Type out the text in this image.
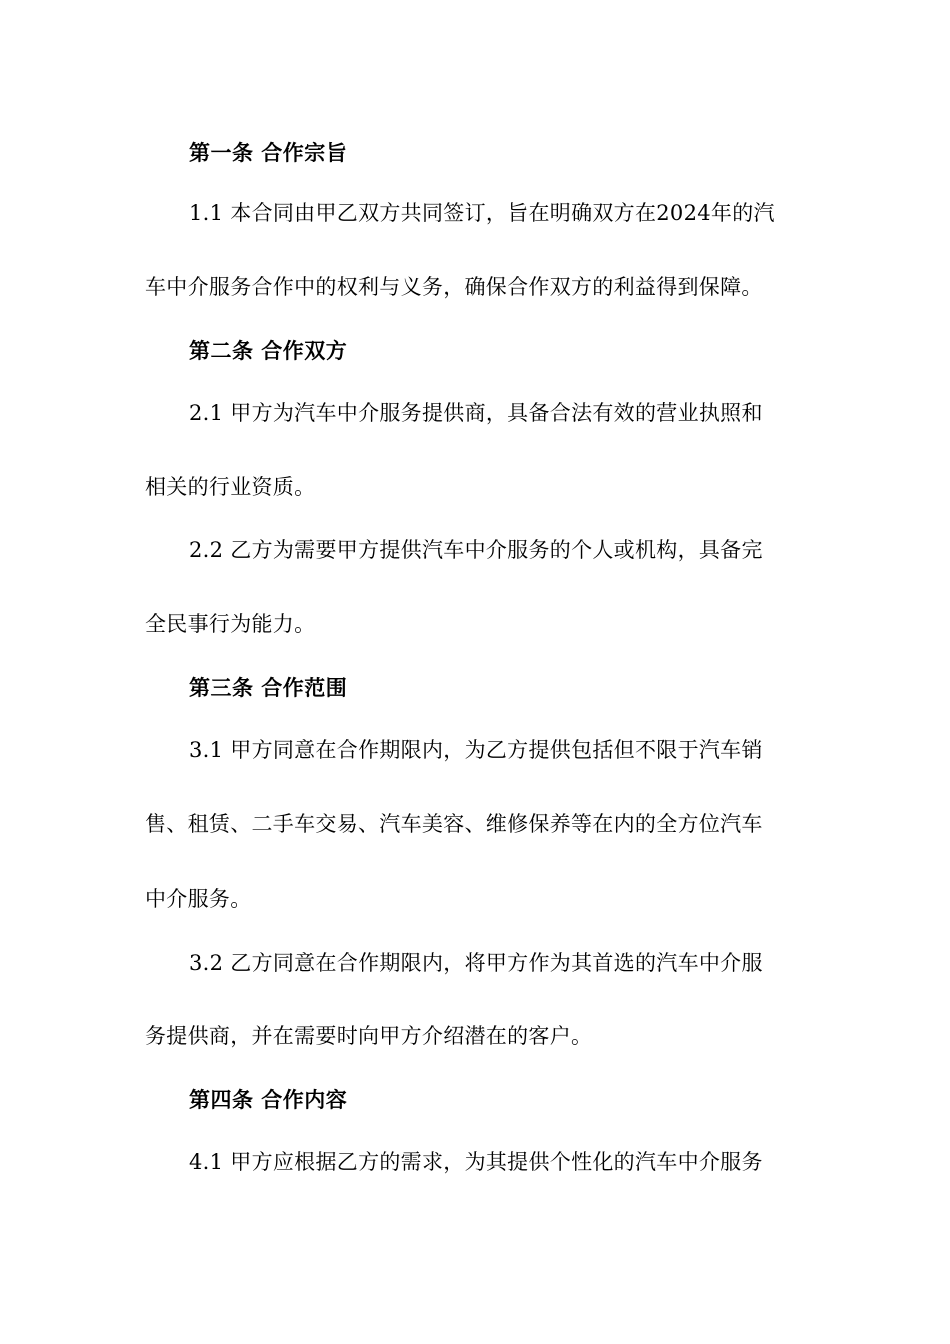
第一条 合作宗旨
1.1 本合同由甲乙双方共同签订，旨在明确双方在2024年的汽
车中介服务合作中的权利与义务，确保合作双方的利益得到保障。
第二条 合作双方
2.1 甲方为汽车中介服务提供商，具备合法有效的营业执照和
相关的行业资质。
2.2 乙方为需要甲方提供汽车中介服务的个人或机构，具备完
全民事行为能力。
第三条 合作范围
3.1 甲方同意在合作期限内，为乙方提供包括但不限于汽车销
售、租赁、二手车交易、汽车美容、维修保养等在内的全方位汽车
中介服务。
3.2 乙方同意在合作期限内，将甲方作为其首选的汽车中介服
务提供商，并在需要时向甲方介绍潜在的客户。
第四条 合作内容
4.1 甲方应根据乙方的需求，为其提供个性化的汽车中介服务
